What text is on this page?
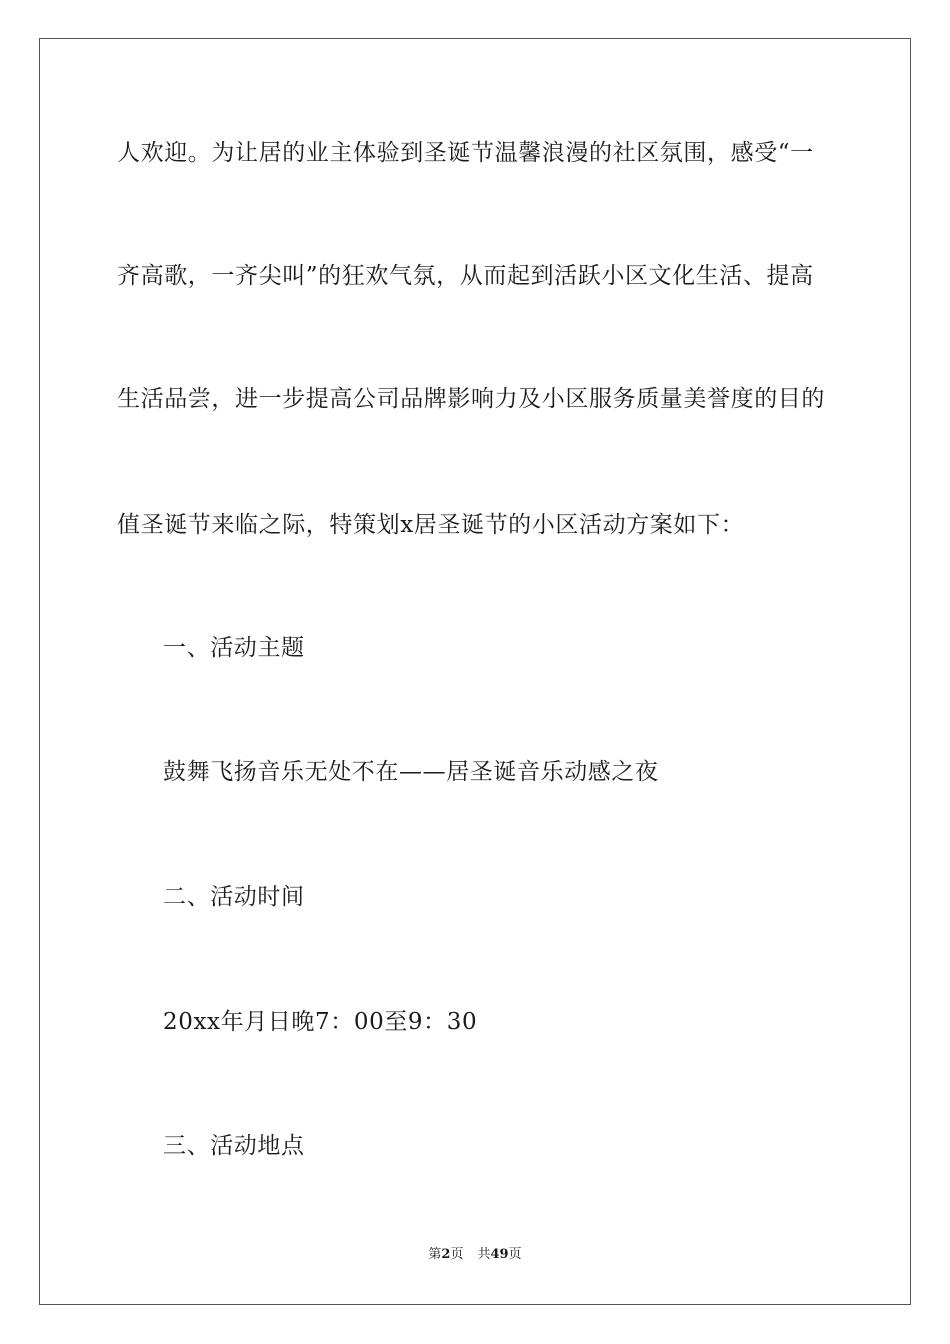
人欢迎。为让居的业主体验到圣诞节温馨浪漫的社区氛围，感受“一
齐高歌，一齐尖叫”的狂欢气氛，从而起到活跃小区文化生活、提高
生活品尝，进一步提高公司品牌影响力及小区服务质量美誉度的目的
值圣诞节来临之际，特策划x居圣诞节的小区活动方案如下：
一、活动主题
鼓舞飞扬音乐无处不在——居圣诞音乐动感之夜
二、活动时间
20xx年月日晚7：00至9：30
三、活动地点
第2页 共49页
